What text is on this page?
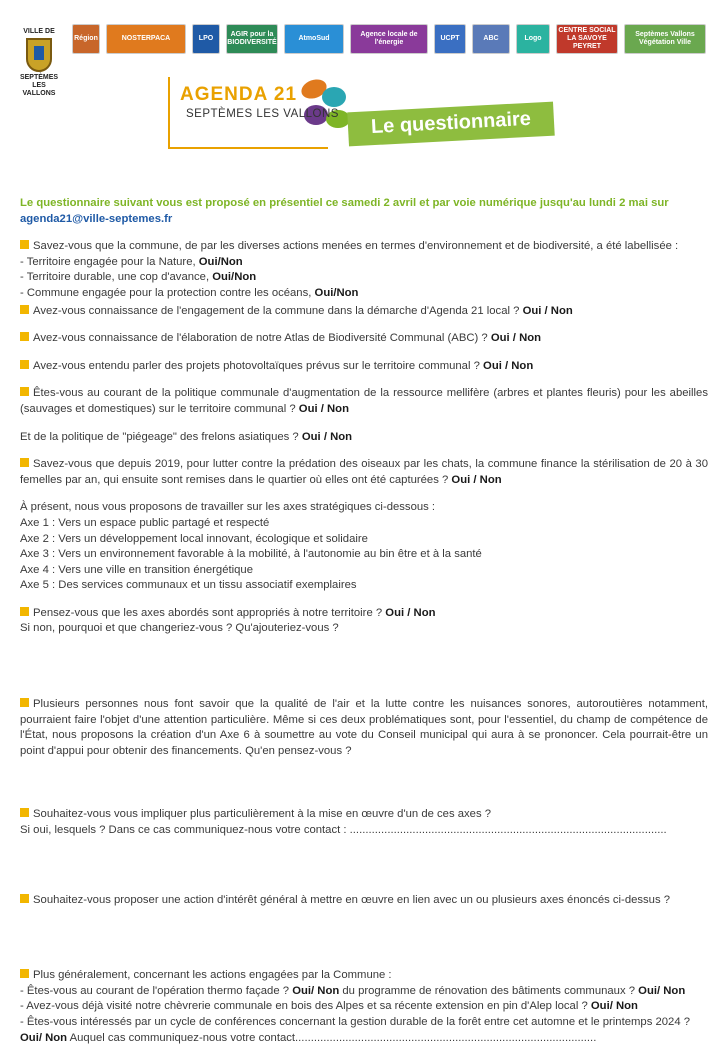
VILLE DE
SEPTÈMES
LES VALLONS
Région	NOSTERPACA	LPO
AGIR pour la BIODIVERSITÉ
AtmoSud
Agence locale de l'énergie
UCPT	ABC	Logo
CENTRE SOCIAL LA SAVOYE PEYRET
Septèmes Vallons Végétation Ville
AGENDA 21
SEPTÈMES LES VALLONS	Le questionnaire

Le questionnaire suivant vous est proposé en présentiel ce samedi 2 avril et par voie numérique jusqu'au lundi 2 mai sur
agenda21@ville-septemes.fr

Savez-vous que la commune, de par les diverses actions menées en termes d'environnement et de biodiversité, a été labellisée :
- Territoire engagée pour la Nature, Oui/Non
- Territoire durable, une cop d'avance, Oui/Non
- Commune engagée pour la protection contre les océans, Oui/Non

Avez-vous connaissance de l'engagement de la commune dans la démarche d'Agenda 21 local ? Oui / Non

Avez-vous connaissance de l'élaboration de notre Atlas de Biodiversité Communal (ABC) ? Oui / Non

Avez-vous entendu parler des projets photovoltaïques prévus sur le territoire communal ? Oui / Non

Êtes-vous au courant de la politique communale d'augmentation de la ressource mellifère (arbres et plantes fleuris) pour les abeilles (sauvages et domestiques) sur le territoire communal ? Oui / Non

Et de la politique de "piégeage" des frelons asiatiques ? Oui / Non

Savez-vous que depuis 2019, pour lutter contre la prédation des oiseaux par les chats, la commune finance la stérilisation de 20 à 30 femelles par an, qui ensuite sont remises dans le quartier où elles ont été capturées ? Oui / Non

À présent, nous vous proposons de travailler sur les axes stratégiques ci-dessous :
Axe 1 : Vers un espace public partagé et respecté
Axe 2 : Vers un développement local innovant, écologique et solidaire
Axe 3 : Vers un environnement favorable à la mobilité, à l'autonomie au bin être et à la santé
Axe 4 : Vers une ville en transition énergétique
Axe 5 : Des services communaux et un tissu associatif exemplaires

Pensez-vous que les axes abordés sont appropriés à notre territoire ? Oui / Non
Si non, pourquoi et que changeriez-vous ? Qu'ajouteriez-vous ?

Plusieurs personnes nous font savoir que la qualité de l'air et la lutte contre les nuisances sonores, autoroutières notamment, pourraient faire l'objet d'une attention particulière. Même si ces deux problématiques sont, pour l'essentiel, du champ de compétence de l'État, nous proposons la création d'un Axe 6 à soumettre au vote du Conseil municipal qui aura à se prononcer. Cela pourrait-être un point d'appui pour obtenir des financements. Qu'en pensez-vous ?

Souhaitez-vous vous impliquer plus particulièrement à la mise en œuvre d'un de ces axes ?
Si oui, lesquels ? Dans ce cas communiquez-nous votre contact : .....................................................................................................

Souhaitez-vous proposer une action d'intérêt général à mettre en œuvre en lien avec un ou plusieurs axes énoncés ci-dessus ?

Plus généralement, concernant les actions engagées par la Commune :
- Êtes-vous au courant de l'opération thermo façade ? Oui/ Non du programme de rénovation des bâtiments communaux ? Oui/ Non
- Avez-vous déjà visité notre chèvrerie communale en bois des Alpes et sa récente extension en pin d'Alep local ? Oui/ Non
- Êtes-vous intéressés par un cycle de conférences concernant la gestion durable de la forêt entre cet automne et le printemps 2024 ?
Oui/ Non Auquel cas communiquez-nous votre contact................................................................................................
